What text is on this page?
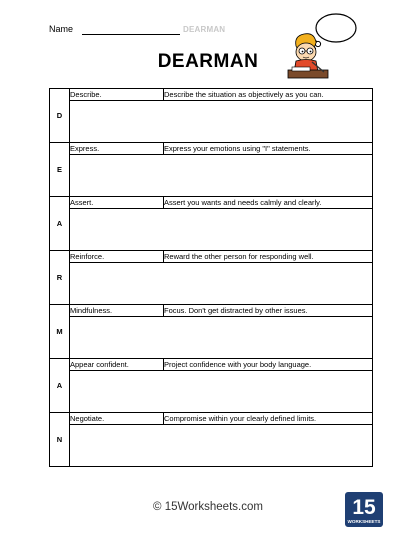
Name	DEARMAN
DEARMAN
D	Describe.	Describe the situation as objectively as you can.

E	Express.	Express your emotions using "I" statements.

A	Assert.	Assert you wants and needs calmly and clearly.

R	Reinforce.	Reward the other person for responding well.

M	Mindfulness.	Focus. Don't get distracted by other issues.

A	Appear confident.	Project confidence with your body language.

N	Negotiate.	Compromise within your clearly defined limits.

© 15Worksheets.com	15
WORKSHEETS
